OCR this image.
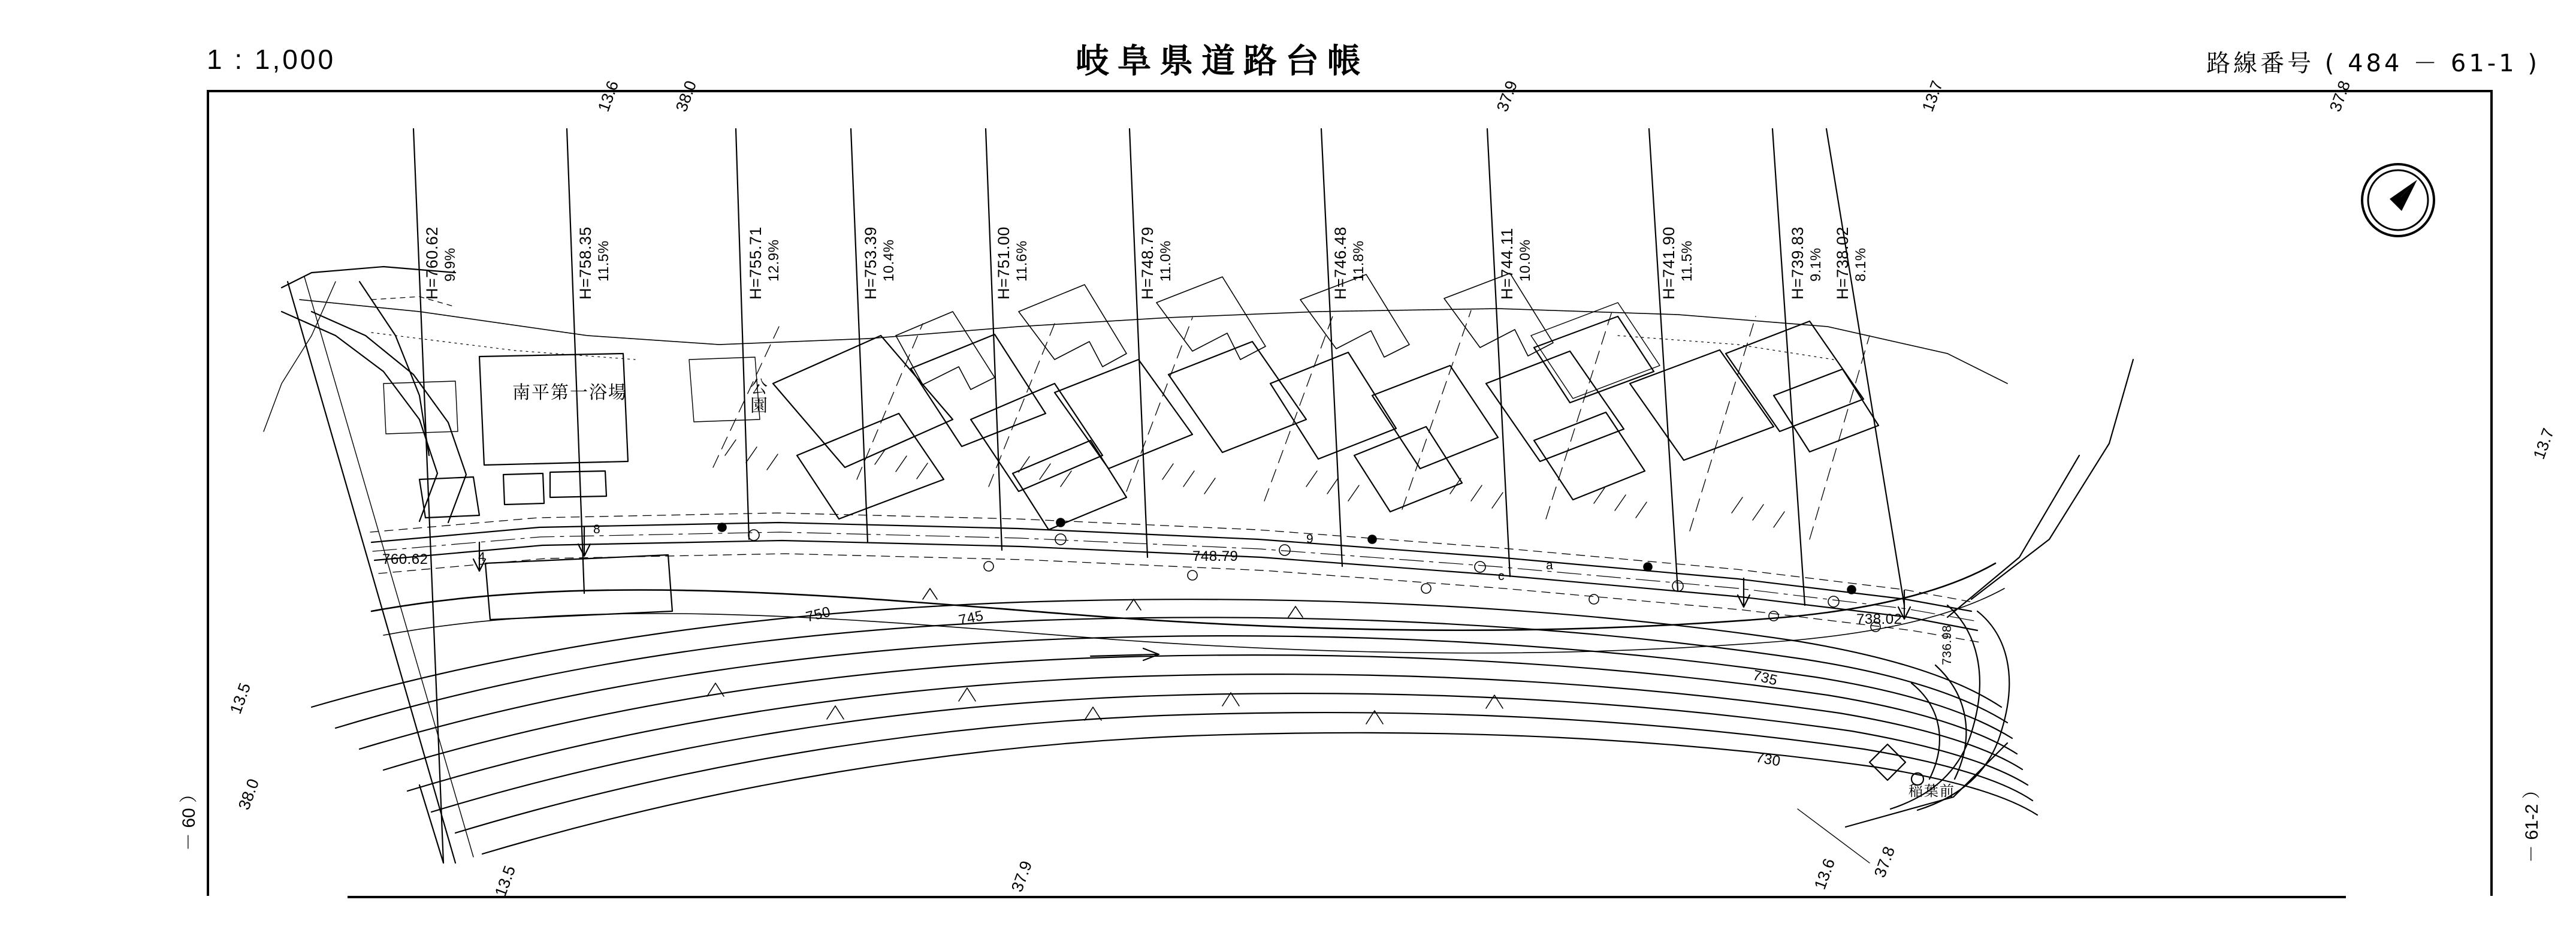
1 : 1,000	岐阜県道路台帳	路線番号 ( 484 － 61-1 )
南平第一浴場	公園
稲葉前
H=760.62 9.9%	H=758.35 11.5%	H=755.71 12.9%	H=753.39 10.4%	H=751.00 11.6%	H=748.79 11.0%	H=746.48 11.8%	H=744.11 10.0%	H=741.90 11.5%	H=739.83 9.1% H=738.02 8.1%
760.62	748.79
738.02
736.98
750	745
735
730
13.6	38.0	37.9	13.7	37.8
13.7
13.5
38.0
13.5	37.9	13.6 37.8
－ 60 ）	－ 61-2 ）
a
c
9
8
4
